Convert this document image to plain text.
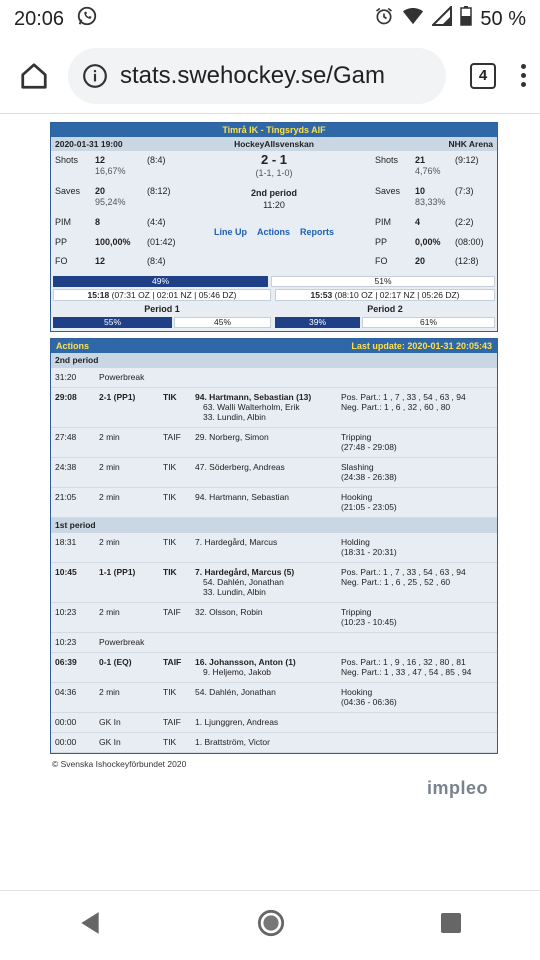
20:06	50 %
stats.swehockey.se/Gam	4
Timrå IK - Tingsryds AIF
2020-01-31 19:00	HockeyAllsvenskan	NHK Arena
Shots 12	(8:4)
16,67%
Saves 20	(8:12)
95,24%
PIM	8	(4:4)
PP	100,00% (01:42)
FO	12	(8:4)
2 - 1
(1-1, 1-0)
2nd period
11:20
Line Up Actions Reports
Shots 21	(9:12)
4,76%
Saves 10	(7:3)
83,33%
PIM	4	(2:2)
PP	0,00% (08:00)
FO	20	(12:8)
49%	51%
15:18 (07:31 OZ | 02:01 NZ | 05:46 DZ)	15:53 (08:10 OZ | 02:17 NZ | 05:26 DZ)
Period 1	Period 2
55%	45%	39%	61%
Actions	Last update: 2020-01-31 20:05:43
2nd period
31:20	Powerbreak
29:08	2-1 (PP1)	TIK 94. Hartmann, Sebastian (13)
63. Walli Walterholm, Erik
33. Lundin, Albin
Pos. Part.: 1 , 7 , 33 , 54 , 63 , 94
Neg. Part.: 1 , 6 , 32 , 60 , 80
27:48	2 min	TAIF 29. Norberg, Simon	Tripping
(27:48 - 29:08)
24:38	2 min	TIK 47. Söderberg, Andreas	Slashing
(24:38 - 26:38)
21:05	2 min	TIK 94. Hartmann, Sebastian	Hooking
(21:05 - 23:05)
1st period
18:31	2 min	TIK 7. Hardegård, Marcus	Holding
(18:31 - 20:31)
10:45	1-1 (PP1)	TIK 7. Hardegård, Marcus (5)
54. Dahlén, Jonathan
33. Lundin, Albin
Pos. Part.: 1 , 7 , 33 , 54 , 63 , 94
Neg. Part.: 1 , 6 , 25 , 52 , 60
10:23	2 min	TAIF 32. Olsson, Robin	Tripping
(10:23 - 10:45)
10:23	Powerbreak
06:39	0-1 (EQ)	TAIF 16. Johansson, Anton (1)
9. Heljemo, Jakob
Pos. Part.: 1 , 9 , 16 , 32 , 80 , 81
Neg. Part.: 1 , 33 , 47 , 54 , 85 , 94
04:36	2 min	TIK 54. Dahlén, Jonathan	Hooking
(04:36 - 06:36)
00:00	GK In	TAIF 1. Ljunggren, Andreas
00:00	GK In	TIK 1. Brattström, Victor
© Svenska Ishockeyförbundet 2020
impleo
